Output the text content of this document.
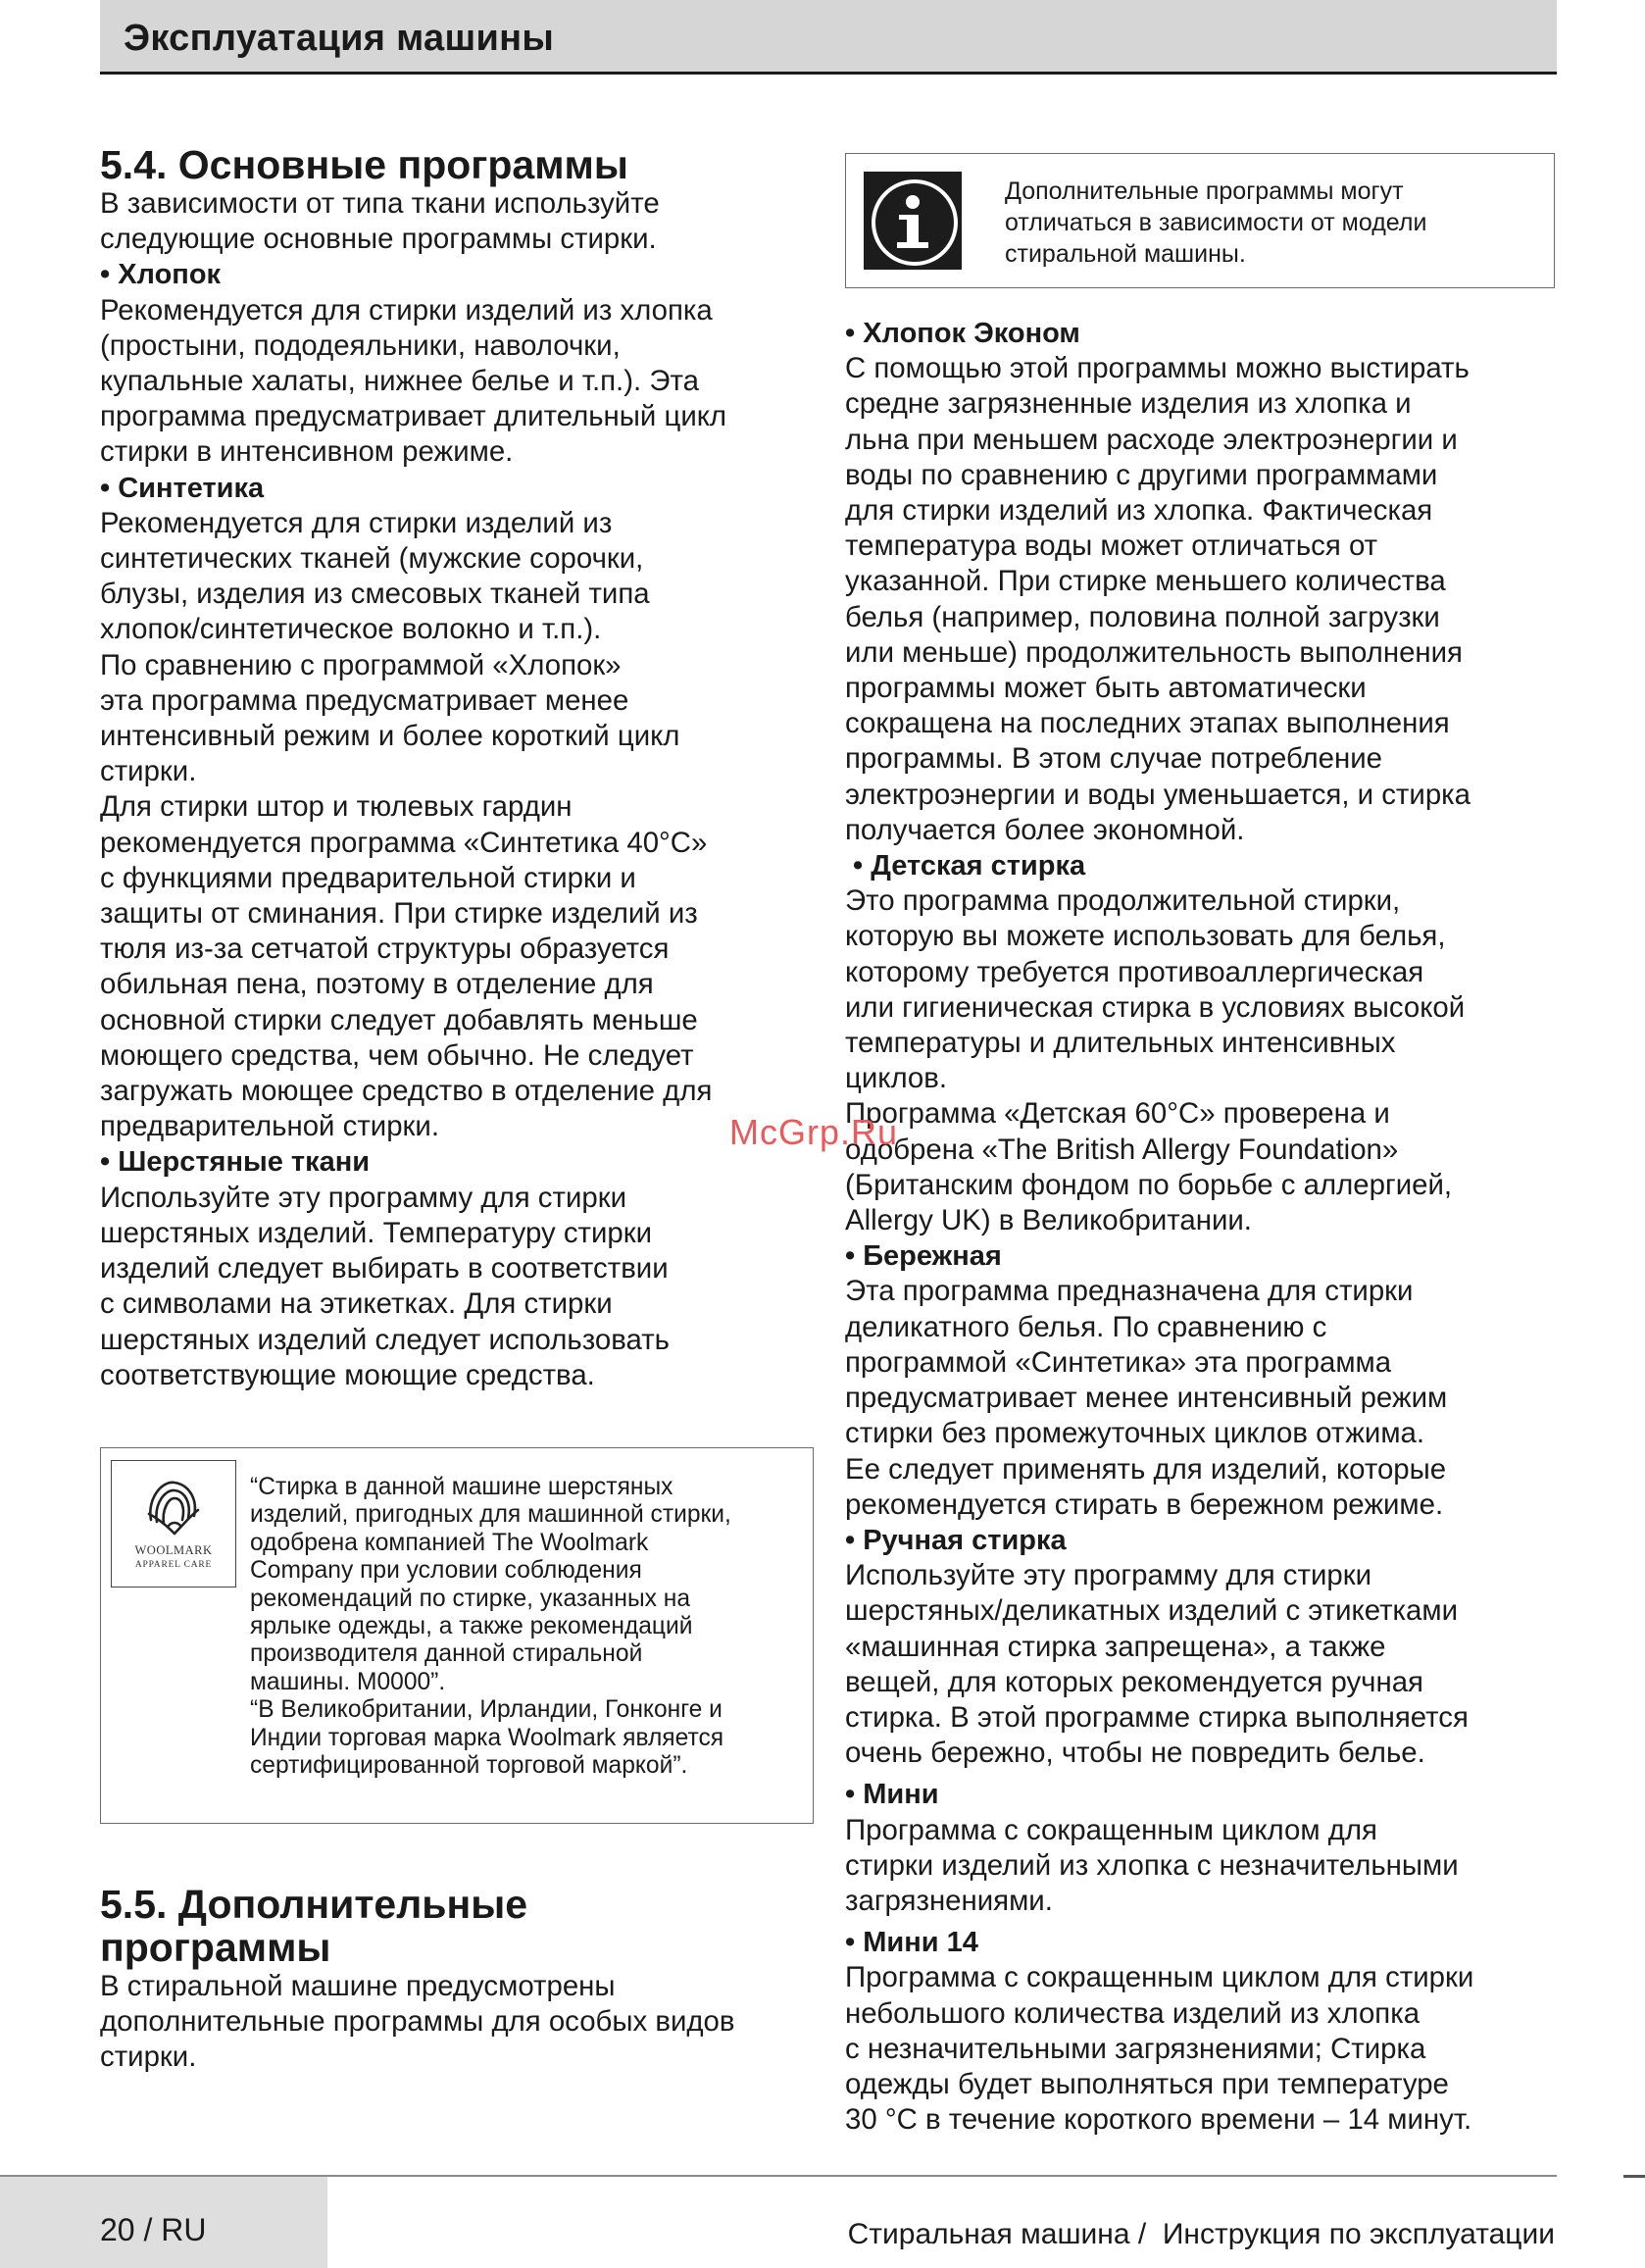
Эксплуатация машины

5.4. Основные программы

В зависимости от типа ткани используйте

следующие основные программы стирки.

• Хлопок

Рекомендуется для стирки изделий из хлопка

(простыни, пододеяльники, наволочки,

купальные халаты, нижнее белье и т.п.). Эта

программа предусматривает длительный цикл

стирки в интенсивном режиме.

• Синтетика

Рекомендуется для стирки изделий из

синтетических тканей (мужские сорочки,

блузы, изделия из смесовых тканей типа

хлопок/синтетическое волокно и т.п.).

По сравнению с программой «Хлопок»

эта программа предусматривает менее

интенсивный режим и более короткий цикл

стирки.

Для стирки штор и тюлевых гардин

рекомендуется программа «Синтетика 40°C»

с функциями предварительной стирки и

защиты от сминания. При стирке изделий из

тюля из-за сетчатой структуры образуется

обильная пена, поэтому в отделение для

основной стирки следует добавлять меньше

моющего средства, чем обычно. Не следует

загружать моющее средство в отделение для

предварительной стирки.

• Шерстяные ткани

Используйте эту программу для стирки

шерстяных изделий. Температуру стирки

изделий следует выбирать в соответствии

с символами на этикетках. Для стирки

шерстяных изделий следует использовать

соответствующие моющие средства.

WOOLMARK
APPAREL CARE
“Стирка в данной машине шерстяных
изделий, пригодных для машинной стирки,
одобрена компанией The Woolmark
Company при условии соблюдения
рекомендаций по стирке, указанных на
ярлыке одежды, а также рекомендаций
производителя данной стиральной
машины. M0000”.
“В Великобритании, Ирландии, Гонконге и
Индии торговая марка Woolmark является
сертифицированной торговой маркой”.

5.5. Дополнительные

программы

В стиральной машине предусмотрены

дополнительные программы для особых видов

стирки.

Дополнительные программы могут
отличаться в зависимости от модели
стиральной машины.

• Хлопок Эконом

С помощью этой программы можно выстирать

средне загрязненные изделия из хлопка и

льна при меньшем расходе электроэнергии и

воды по сравнению с другими программами

для стирки изделий из хлопка. Фактическая

температура воды может отличаться от

указанной. При стирке меньшего количества

белья (например, половина полной загрузки

или меньше) продолжительность выполнения

программы может быть автоматически

сокращена на последних этапах выполнения

программы. В этом случае потребление

электроэнергии и воды уменьшается, и стирка

получается более экономной.

• Детская стирка

Это программа продолжительной стирки,

которую вы можете использовать для белья,

которому требуется противоаллергическая

или гигиеническая стирка в условиях высокой

температуры и длительных интенсивных

циклов.

Программа «Детская 60°C» проверена и

одобрена «The British Allergy Foundation»

(Британским фондом по борьбе с аллергией,

Allergy UK) в Великобритании.

• Бережная

Эта программа предназначена для стирки

деликатного белья. По сравнению с

программой «Синтетика» эта программа

предусматривает менее интенсивный режим

стирки без промежуточных циклов отжима.

Ее следует применять для изделий, которые

рекомендуется стирать в бережном режиме.

• Ручная стирка

Используйте эту программу для стирки

шерстяных/деликатных изделий с этикетками

«машинная стирка запрещена», а также

вещей, для которых рекомендуется ручная

стирка. В этой программе стирка выполняется

очень бережно, чтобы не повредить белье.

• Мини

Программа с сокращенным циклом для

стирки изделий из хлопка с незначительными

загрязнениями.

• Мини 14

Программа с сокращенным циклом для стирки

небольшого количества изделий из хлопка

с незначительными загрязнениями; Стирка

одежды будет выполняться при температуре

30 °C в течение короткого времени – 14 минут.

McGrp.Ru
20 / RU	Стиральная машина /  Инструкция по эксплуатации
